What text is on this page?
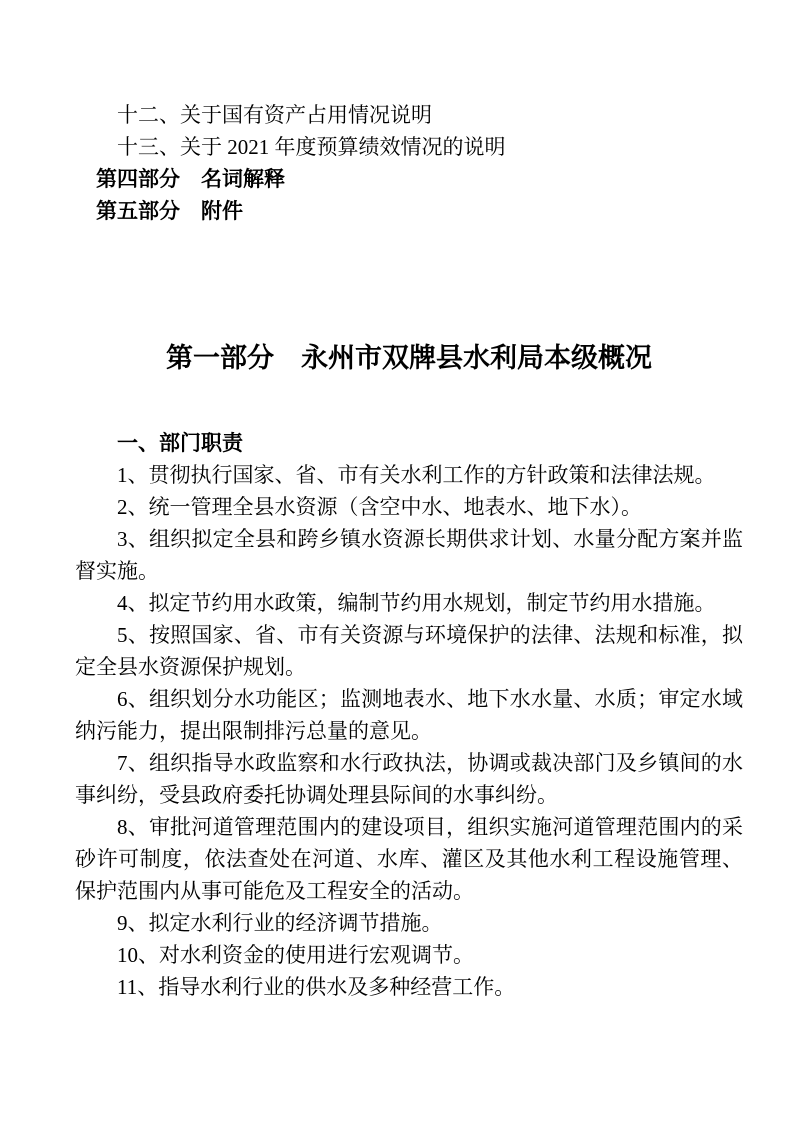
十二、关于国有资产占用情况说明

十三、关于 2021 年度预算绩效情况的说明

第四部分　名词解释

第五部分　附件

第一部分　永州市双牌县水利局本级概况
一、部门职责

1、贯彻执行国家、省、市有关水利工作的方针政策和法律法规。

2、统一管理全县水资源（含空中水、地表水、地下水）。

3、组织拟定全县和跨乡镇水资源长期供求计划、水量分配方案并监督实施。

4、拟定节约用水政策，编制节约用水规划，制定节约用水措施。

5、按照国家、省、市有关资源与环境保护的法律、法规和标准，拟定全县水资源保护规划。

6、组织划分水功能区；监测地表水、地下水水量、水质；审定水域纳污能力，提出限制排污总量的意见。

7、组织指导水政监察和水行政执法，协调或裁决部门及乡镇间的水事纠纷，受县政府委托协调处理县际间的水事纠纷。

8、审批河道管理范围内的建设项目，组织实施河道管理范围内的采砂许可制度，依法查处在河道、水库、灌区及其他水利工程设施管理、保护范围内从事可能危及工程安全的活动。

9、拟定水利行业的经济调节措施。

10、对水利资金的使用进行宏观调节。

11、指导水利行业的供水及多种经营工作。
